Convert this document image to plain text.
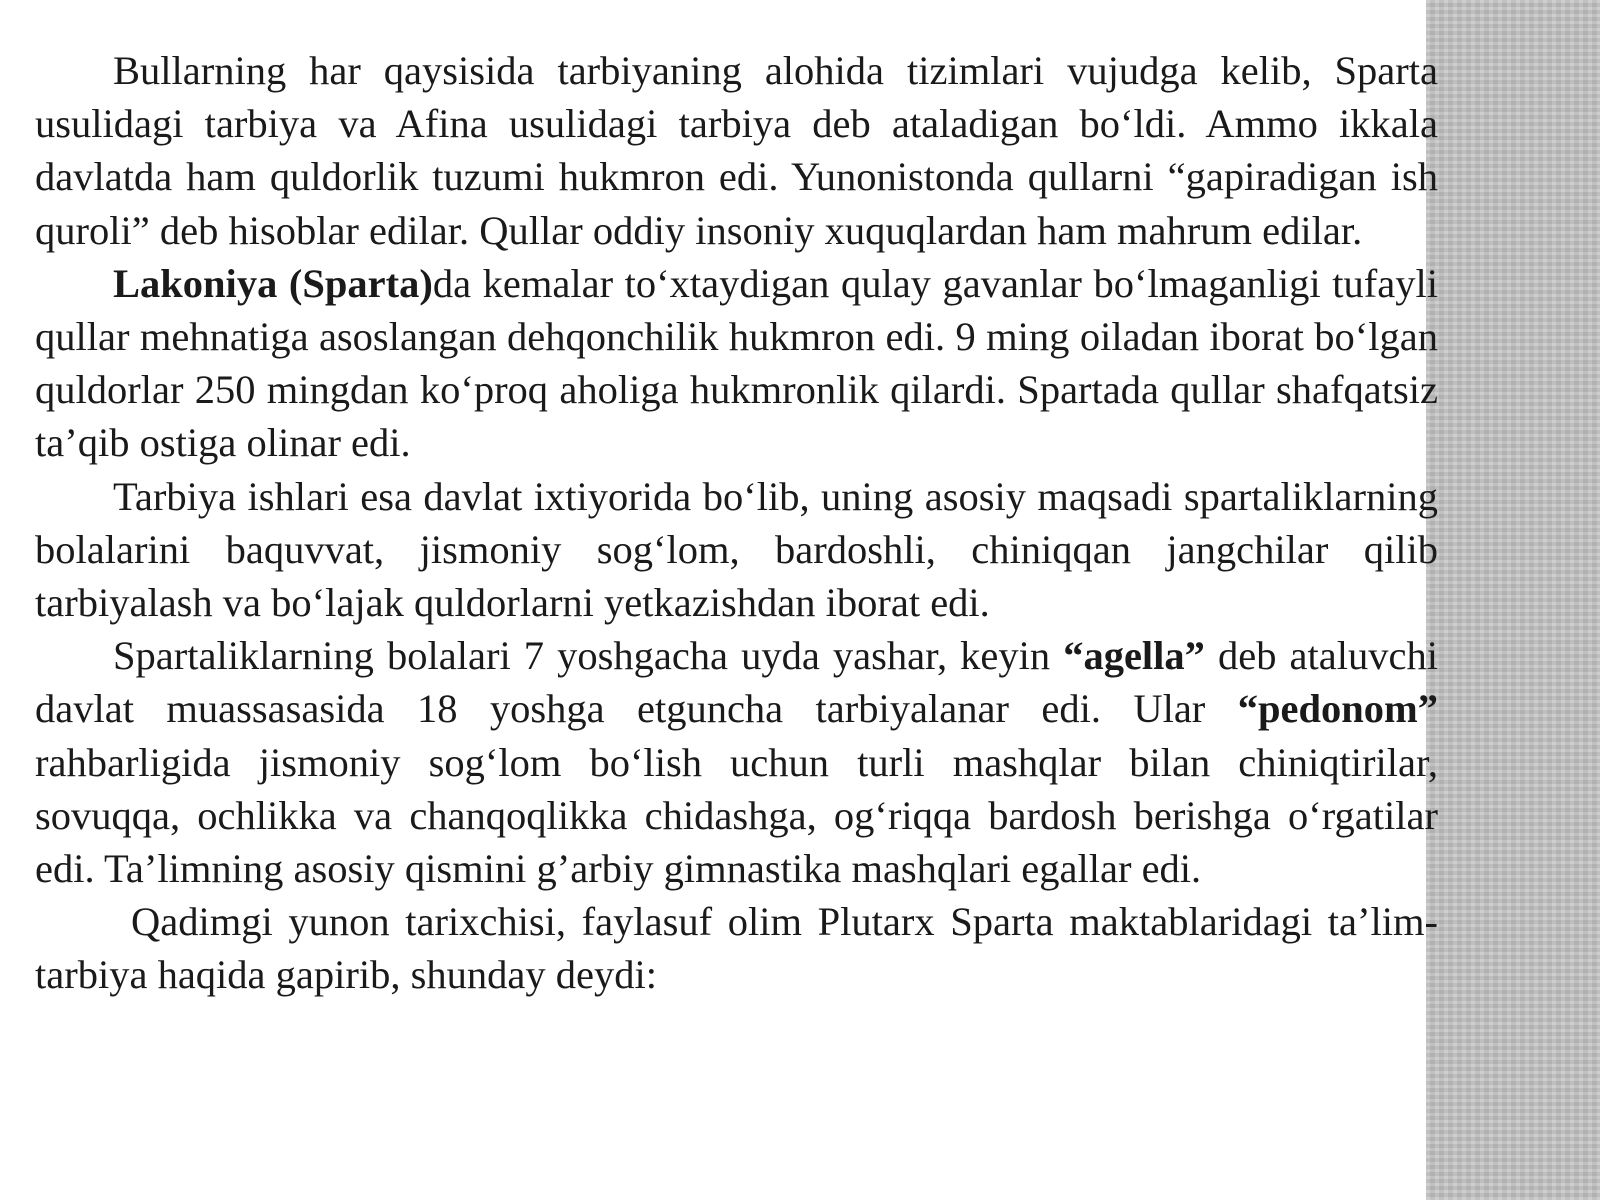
Bullarning har qaysisida tarbiyaning alohida tizimlari vujudga kelib, Sparta usulidagi tarbiya va Afina usulidagi tarbiya deb ataladigan bo‘ldi. Ammo ikkala davlatda ham quldorlik tuzumi hukmron edi. Yunonistonda qullarni “gapiradigan ish quroli” deb hisoblar edilar. Qullar oddiy insoniy xuquqlardan ham mahrum edilar.

Lakoniya (Sparta)da kemalar to‘xtaydigan qulay gavanlar bo‘lmaganligi tufayli qullar mehnatiga asoslangan dehqonchilik hukmron edi. 9 ming oiladan iborat bo‘lgan quldorlar 250 mingdan ko‘proq aholiga hukmronlik qilardi. Spartada qullar shafqatsiz ta’qib ostiga olinar edi.

Tarbiya ishlari esa davlat ixtiyorida bo‘lib, uning asosiy maqsadi spartaliklarning bolalarini baquvvat, jismoniy sog‘lom, bardoshli, chiniqqan jangchilar qilib tarbiyalash va bo‘lajak quldorlarni yetkazishdan iborat edi.

Spartaliklarning bolalari 7 yoshgacha uyda yashar, keyin “agella” deb ataluvchi davlat muassasasida 18 yoshga etguncha tarbiyalanar edi. Ular “pedonom” rahbarligida jismoniy sog‘lom bo‘lish uchun turli mashqlar bilan chiniqtirilar, sovuqqa, ochlikka va chanqoqlikka chidashga, og‘riqqa bardosh berishga o‘rgatilar edi. Ta’limning asosiy qismini g’arbiy gimnastika mashqlari egallar edi.

Qadimgi yunon tarixchisi, faylasuf olim Plutarx Sparta maktablaridagi ta’lim-tarbiya haqida gapirib, shunday deydi:
